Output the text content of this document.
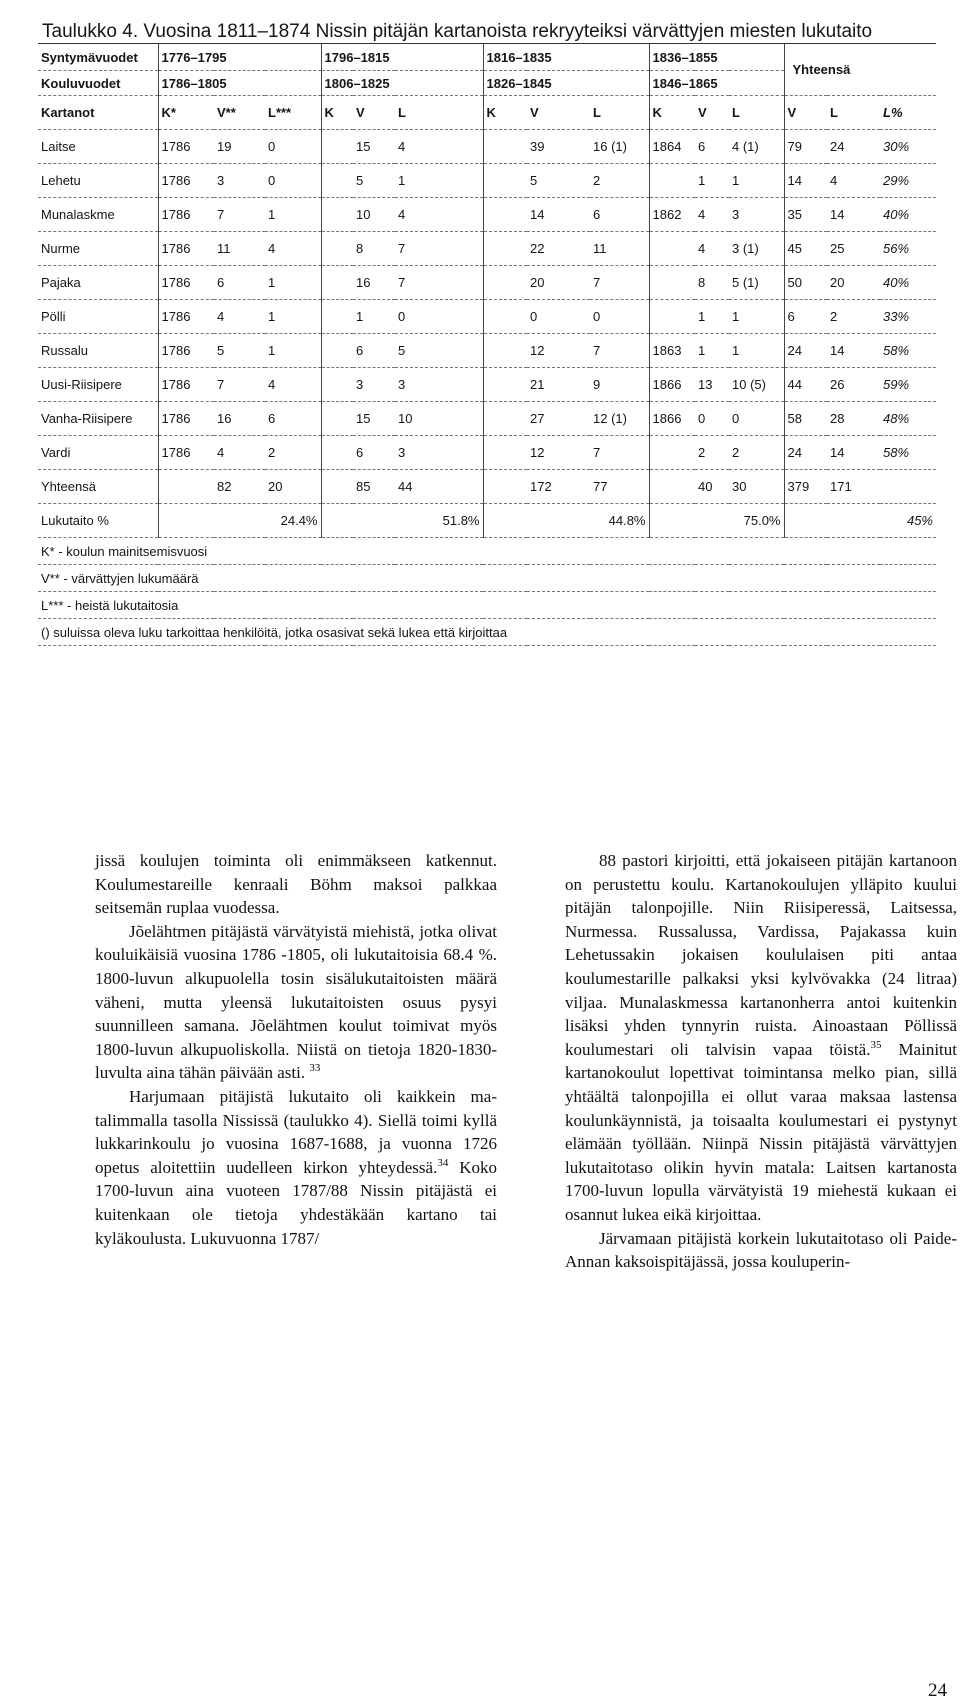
Taulukko 4. Vuosina 1811–1874 Nissin pitäjän kartanoista rekryyteiksi värvättyjen miesten lukutaito															
Syntymävuodet	1776–1795			1796–1815			1816–1835			1836–1855			Yhteensä		
Kouluvuodet	1786–1805			1806–1825			1826–1845			1846–1865					
Kartanot	K*	V**	L***	K	V	L	K	V	L	K	V	L	V	L	L%
Laitse	1786	19	0		15	4		39	16 (1)	1864	6	4 (1)	79	24	30%
Lehetu	1786	3	0		5	1		5	2		1	1	14	4	29%
Munalaskme	1786	7	1		10	4		14	6	1862	4	3	35	14	40%
Nurme	1786	11	4		8	7		22	11		4	3 (1)	45	25	56%
Pajaka	1786	6	1		16	7		20	7		8	5 (1)	50	20	40%
Pölli	1786	4	1		1	0		0	0		1	1	6	2	33%
Russalu	1786	5	1		6	5		12	7	1863	1	1	24	14	58%
Uusi-Riisipere	1786	7	4		3	3		21	9	1866	13	10 (5)	44	26	59%
Vanha-Riisipere	1786	16	6		15	10		27	12 (1)	1866	0	0	58	28	48%
Vardi	1786	4	2		6	3		12	7		2	2	24	14	58%
Yhteensä		82	20		85	44		172	77		40	30	379	171	
Lukutaito %	24.4%			51.8%			44.8%			75.0%			45%		
K* - koulun mainitsemisvuosi															
V** - värvättyjen lukumäärä															
L*** - heistä lukutaitosia															
() suluissa oleva luku tarkoittaa henkilöitä, jotka osasivat sekä lukea että kirjoittaa															

jissä koulujen toiminta oli enimmäkseen katkennut. Koulumestareille kenraali Böhm maksoi palkkaa seitsemän ruplaa vuodessa.

Jõelähtmen pitäjästä värvätyistä miehistä, jotka olivat kouluikäisiä vuosina 1786 -1805, oli lukutaitoisia 68.4 %. 1800-luvun alkupuolella tosin sisälukutaitoisten määrä väheni, mutta yleensä lukutaitoisten osuus pysyi suunnilleen samana. Jõelähtmen koulut toimivat myös 1800-luvun alkupuoliskolla. Niistä on tietoja 1820-1830- luvulta aina tähän päivään asti. $^{33}$

Harjumaan pitäjistä lukutaito oli kaikkein ma-talimmalla tasolla Nississä (taulukko 4). Siellä toimi kyllä lukkarinkoulu jo vuosina 1687-1688, ja vuonna 1726 opetus aloitettiin uudelleen kirkon yhteydessä.$^{34}$ Koko 1700-luvun aina vuoteen 1787/88 Nissin pitäjästä ei kuitenkaan ole tietoja yhdestäkään kartano tai kyläkoulusta. Lukuvuonna 1787/

88 pastori kirjoitti, että jokaiseen pitäjän kartanoon on perustettu koulu. Kartanokoulujen ylläpito kuului pitäjän talonpojille. Niin Riisiperessä, Laitsessa, Nurmessa. Russalussa, Vardissa, Pajakassa kuin Lehetussakin jokaisen koululaisen piti antaa koulumestarille palkaksi yksi kylvövakka (24 litraa) viljaa. Munalaskmessa kartanonherra antoi kuitenkin lisäksi yhden tynnyrin ruista. Ainoastaan Pöllissä koulumestari oli talvisin vapaa töistä.$^{35}$ Mainitut kartanokoulut lopettivat toimintansa melko pian, sillä yhtäältä talonpojilla ei ollut varaa maksaa lastensa koulunkäynnistä, ja toisaalta koulumestari ei pystynyt elämään työllään. Niinpä Nissin pitäjästä värvättyjen lukutaitotaso olikin hyvin matala: Laitsen kartanosta 1700-luvun lopulla värvätyistä 19 miehestä kukaan ei osannut lukea eikä kirjoittaa.

Järvamaan pitäjistä korkein lukutaitotaso oli Paide-Annan kaksoispitäjässä, jossa kouluperin-

24
